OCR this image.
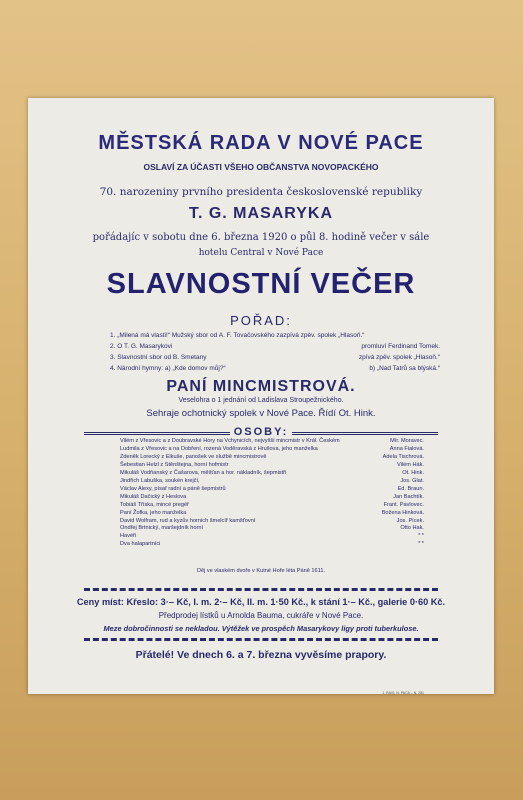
MĚSTSKÁ RADA V NOVÉ PACE
OSLAVÍ ZA ÚČASTI VŠEHO OBČANSTVA NOVOPACKÉHO
70. narozeniny prvního presidenta československé republiky
T. G. MASARYKA
pořádajíc v sobotu dne 6. března 1920 o půl 8. hodině večer v sále
hotelu Central v Nové Pace
SLAVNOSTNÍ VEČER
POŘAD:
1. „Milená má vlasti!“ Mužský sbor od A. F. Tovačovského zazpívá zpěv. spolek „Hlasoň.“
2. O T. G. Masarykovi	promluví Ferdinand Tomek.
3. Slavnostní sbor od B. Smetany	zpívá zpěv. spolek „Hlasoň.“
4. Národní hymny: a) „Kde domov můj?“	b) „Nad Tatrů sa blýská.“
PANÍ MINCMISTROVÁ.
Veselohra o 1 jednání od Ladislava Stroupežnického.
Sehraje ochotnický spolek v Nové Pace. Řídí Ot. Hink.
OSOBY:
Vilém z Vřesovic a z Doubravské Hory na Vchynicích, nejvyšší mincmistr v Král. Českém	Mír. Moravec.
Ludmila z Vřesovic a na Dobření, rozená Vodĕravská z Hrušova, jeho manželka	Anna Fialová.
Zdeněk Lorecký z Elkuše, panošek ve službě mincmistrově	Adela Tischrová.
Šebestian Helzl z Stěnštejna, horní hofmistr	Vilém Hák.
Mikuláš Vodňanský z Čašarova, měšťan a hor. nákladník, šepmistři	Ot. Hink.
Jindřich Labuška, soukén krejčí,	Jos. Glat.
Václav Alexy, písař radní a páně šepmistrů	Ed. Braun.
Mikuláš Dačický z Heslova	Jan Bachtík.
Tobiáš Tříska, mincé pregéř	Frant. Pavlovec.
Paní Žofka, jeho manželka	Božena Hinková.
David Wolfram, rud a kyzův hornich šmelcíř kamšťovní	Jos. Pícek.
Ondřej Brtnický, maršejdník horní	Otto Hak.
Havéři	* *
Dva halapartníci	* *
Děj ve vlaském dvoře v Kutné Hoře léta Páně 1611.
Ceny míst: Křeslo: 3·– Kč, I. m. 2·– Kč, II. m. 1·50 Kč., k stání 1·– Kč., galerie 0·60 Kč.
Předprodej lístků u Arnolda Bauma, cukráře v Nové Pace.
Meze dobročinnosti se nekladou. Výtěžek ve prospěch Masarykovy ligy proti tuberkulose.
Přátelé! Ve dnech 6. a 7. března vyvěsíme prapory.
J. RAIS, N. PACA – N. 281
